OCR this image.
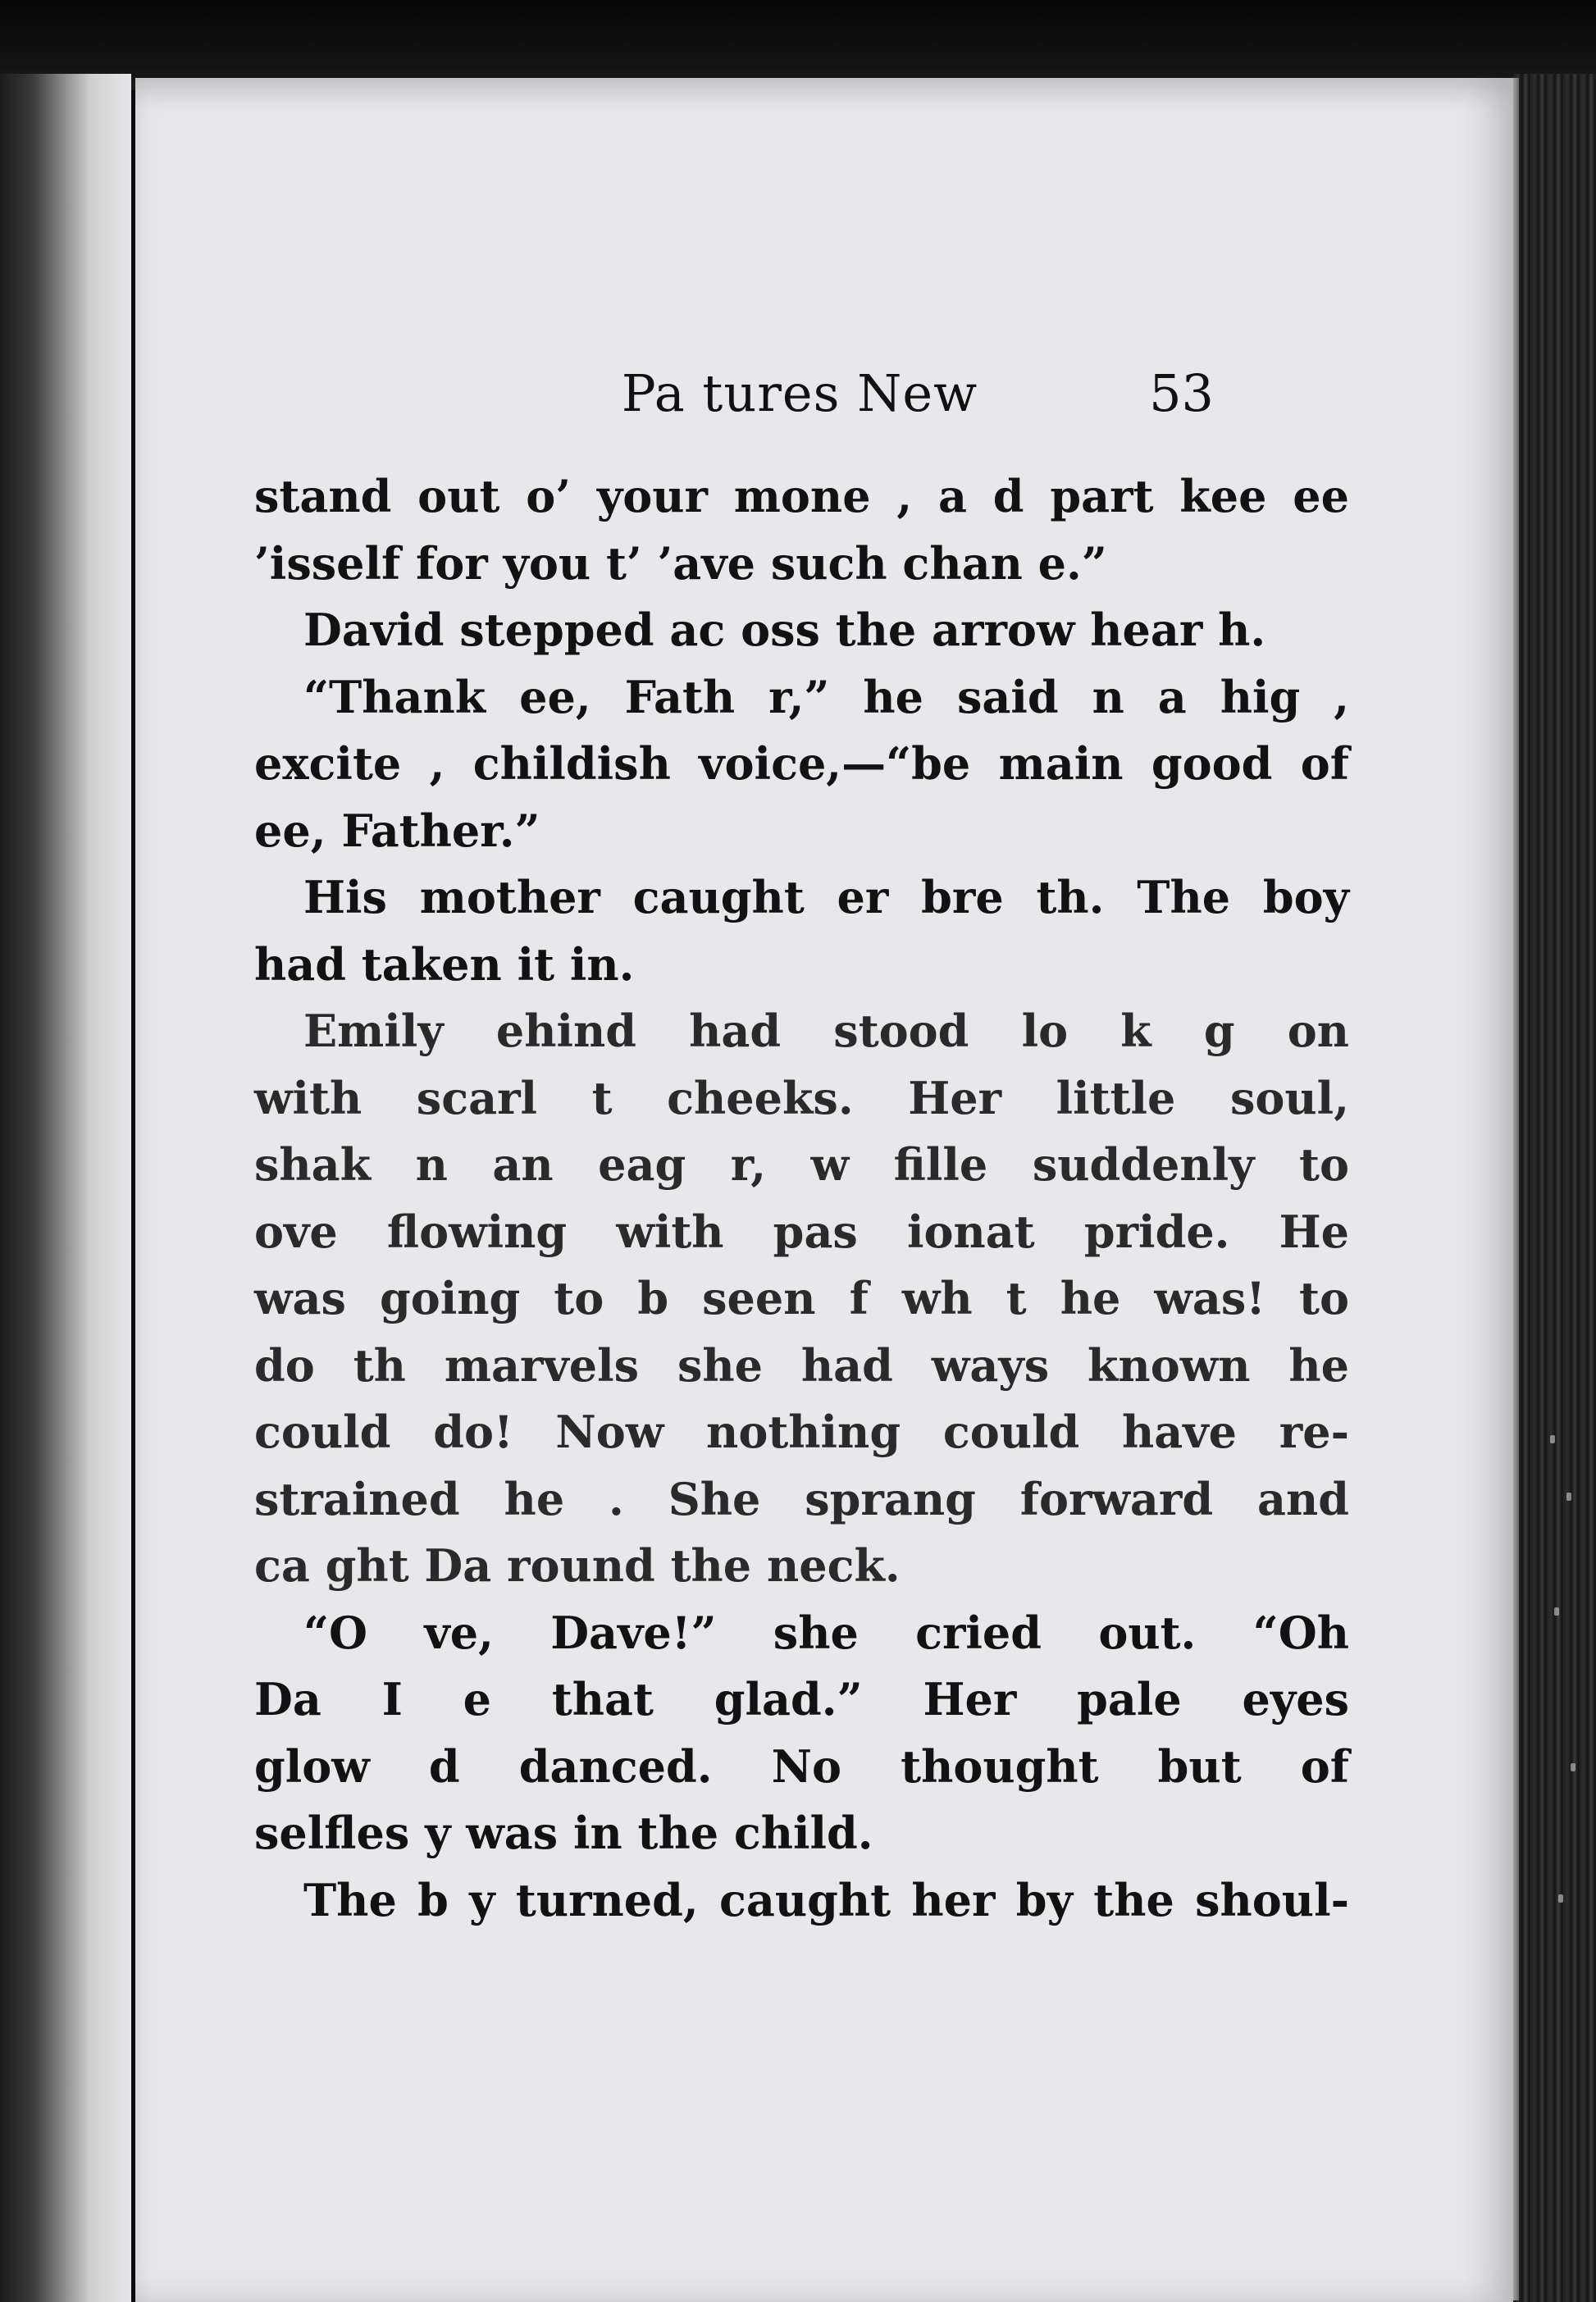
Pa tures New	53
stand out o’ your mone , a d part kee ee
’isself for you t’ ’ave such chan e.”
David stepped ac oss the arrow hear h.
“Thank ee, Fath r,” he said n a hig ,
excite , childish voice,—“be main good of
ee, Father.”
His mother caught er bre th. The boy
had taken it in.
Emily ehind had stood lo k g on
with scarl t cheeks. Her little soul,
shak n an eag r, w fille suddenly to
ove flowing with pas ionat pride. He
was going to b seen f wh t he was! to
do th marvels she had ways known he
could do! Now nothing could have re-
strained he . She sprang forward and
ca ght Da round the neck.
“O ve, Dave!” she cried out. “Oh
Da I e that glad.” Her pale eyes
glow d danced. No thought but of
selfles y was in the child.
The b y turned, caught her by the shoul-
